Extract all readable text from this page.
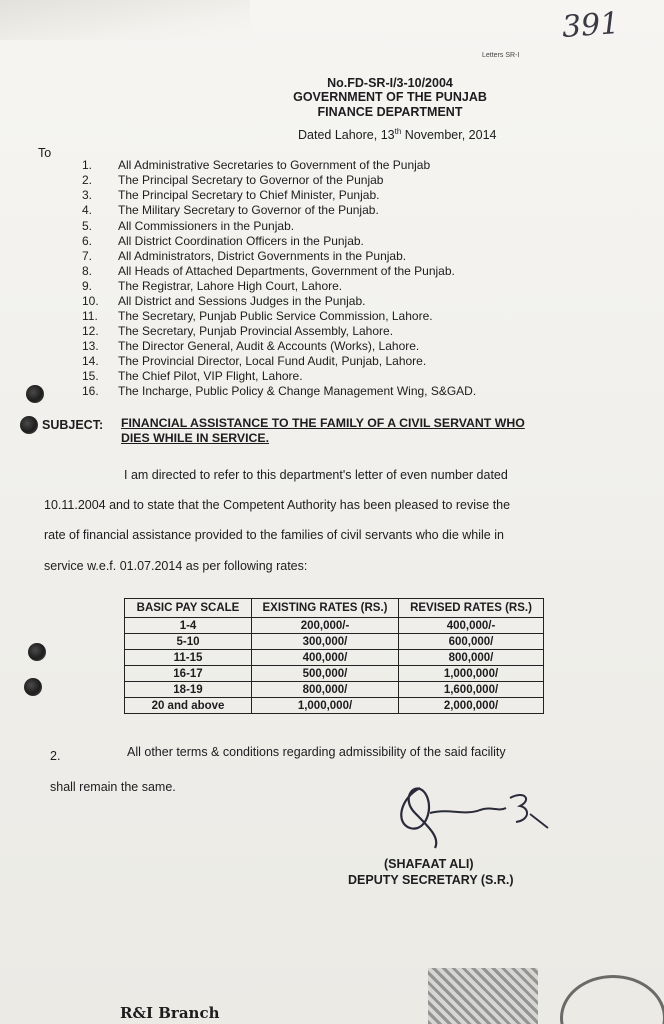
391
Letters SR-I
No.FD-SR-I/3-10/2004
GOVERNMENT OF THE PUNJAB
FINANCE DEPARTMENT
Dated Lahore, 13th November, 2014
To
1.	All Administrative Secretaries to Government of the Punjab
2.	The Principal Secretary to Governor of the Punjab
3.	The Principal Secretary to Chief Minister, Punjab.
4.	The Military Secretary to Governor of the Punjab.
5.	All Commissioners in the Punjab.
6.	All District Coordination Officers in the Punjab.
7.	All Administrators, District Governments in the Punjab.
8.	All Heads of Attached Departments, Government of the Punjab.
9.	The Registrar, Lahore High Court, Lahore.
10.	All District and Sessions Judges in the Punjab.
11.	The Secretary, Punjab Public Service Commission, Lahore.
12.	The Secretary, Punjab Provincial Assembly, Lahore.
13.	The Director General, Audit & Accounts (Works), Lahore.
14.	The Provincial Director, Local Fund Audit, Punjab, Lahore.
15.	The Chief Pilot, VIP Flight, Lahore.
16.	The Incharge, Public Policy & Change Management Wing, S&GAD.
SUBJECT: FINANCIAL ASSISTANCE TO THE FAMILY OF A CIVIL SERVANT WHO DIES WHILE IN SERVICE.
I am directed to refer to this department's letter of even number dated
10.11.2004 and to state that the Competent Authority has been pleased to revise the
rate of financial assistance provided to the families of civil servants who die while in
service w.e.f. 01.07.2014 as per following rates:
BASIC PAY SCALE	EXISTING RATES (RS.)	REVISED RATES (RS.)
1-4	200,000/-	400,000/-
5-10	300,000/	600,000/
11-15	400,000/	800,000/
16-17	500,000/	1,000,000/
18-19	800,000/	1,600,000/
20 and above	1,000,000/	2,000,000/
2.	All other terms & conditions regarding admissibility of the said facility
shall remain the same.
(SHAFAAT ALI)
DEPUTY SECRETARY (S.R.)
R&I Branch
